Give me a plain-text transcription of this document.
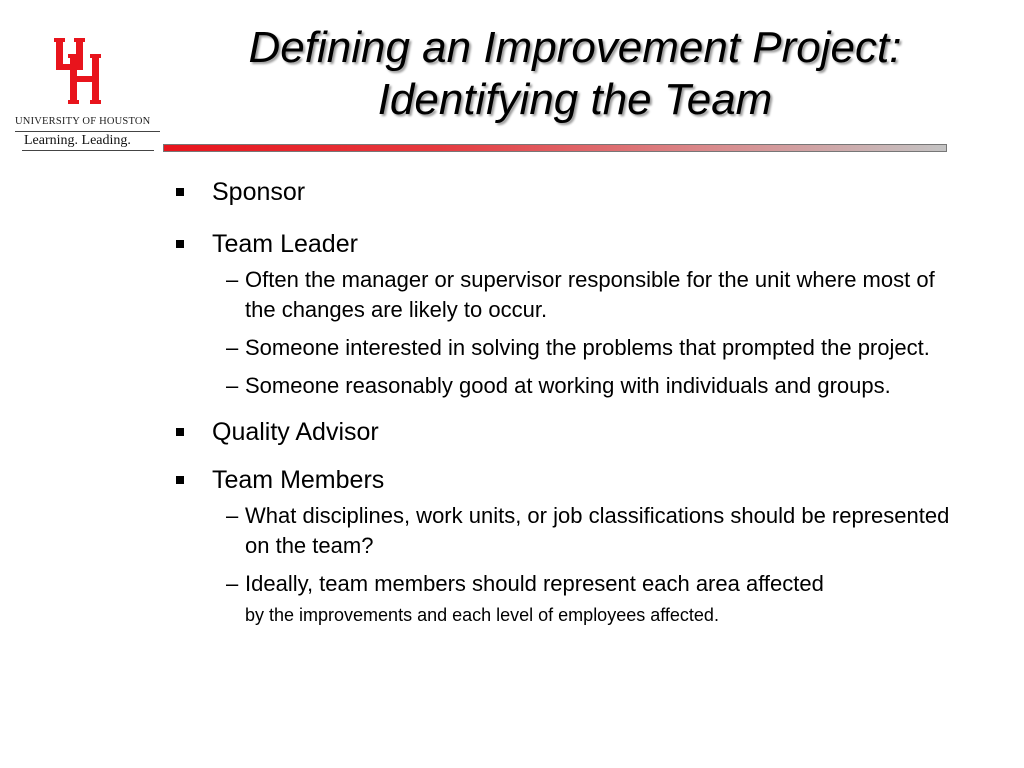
UNIVERSITY OF HOUSTON
Learning. Leading.
Defining an Improvement Project:
Identifying the Team
Sponsor
Team Leader
– Often the manager or supervisor responsible for the unit where most of the changes are likely to occur.
– Someone interested in solving the problems that prompted the project.
– Someone reasonably good at working with individuals and groups.
Quality Advisor
Team Members
– What disciplines, work units, or job classifications should be represented on the team?
– Ideally, team members should represent each area affected
by the improvements and each level of employees affected.
